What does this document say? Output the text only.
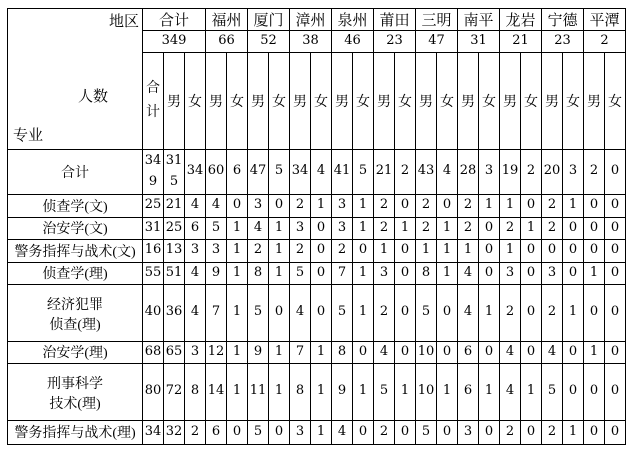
地区
人数
专业	合计			福州		厦门		漳州		泉州		莆田		三明		南平		龙岩		宁德		平潭	
	349			66		52		38		46		23		47		31		21		23		2	
	合计	男	女	男	女	男	女	男	女	男	女	男	女	男	女	男	女	男	女	男	女	男	女

合计	349	315	34	60	6	47	5	34	4	41	5	21	2	43	4	28	3	19	2	20	3	2	0

侦查学(文)	25	21	4	4	0	3	0	2	1	3	1	2	0	2	0	2	1	1	0	2	1	0	0

治安学(文)	31	25	6	5	1	4	1	3	0	3	1	2	1	2	1	2	0	2	1	2	0	0	0

警务指挥与战术(文)	16	13	3	3	1	2	1	2	0	2	0	1	0	1	1	1	0	1	0	0	0	0	0

侦查学(理)	55	51	4	9	1	8	1	5	0	7	1	3	0	8	1	4	0	3	0	3	0	1	0

经济犯罪
侦查(理)	40	36	4	7	1	5	0	4	0	5	1	2	0	5	0	4	1	2	0	2	1	0	0

治安学(理)	68	65	3	12	1	9	1	7	1	8	0	4	0	10	0	6	0	4	0	4	0	1	0

刑事科学
技术(理)	80	72	8	14	1	11	1	8	1	9	1	5	1	10	1	6	1	4	1	5	0	0	0

警务指挥与战术(理)	34	32	2	6	0	5	0	3	1	4	0	2	0	5	0	3	0	2	0	2	1	0	0
